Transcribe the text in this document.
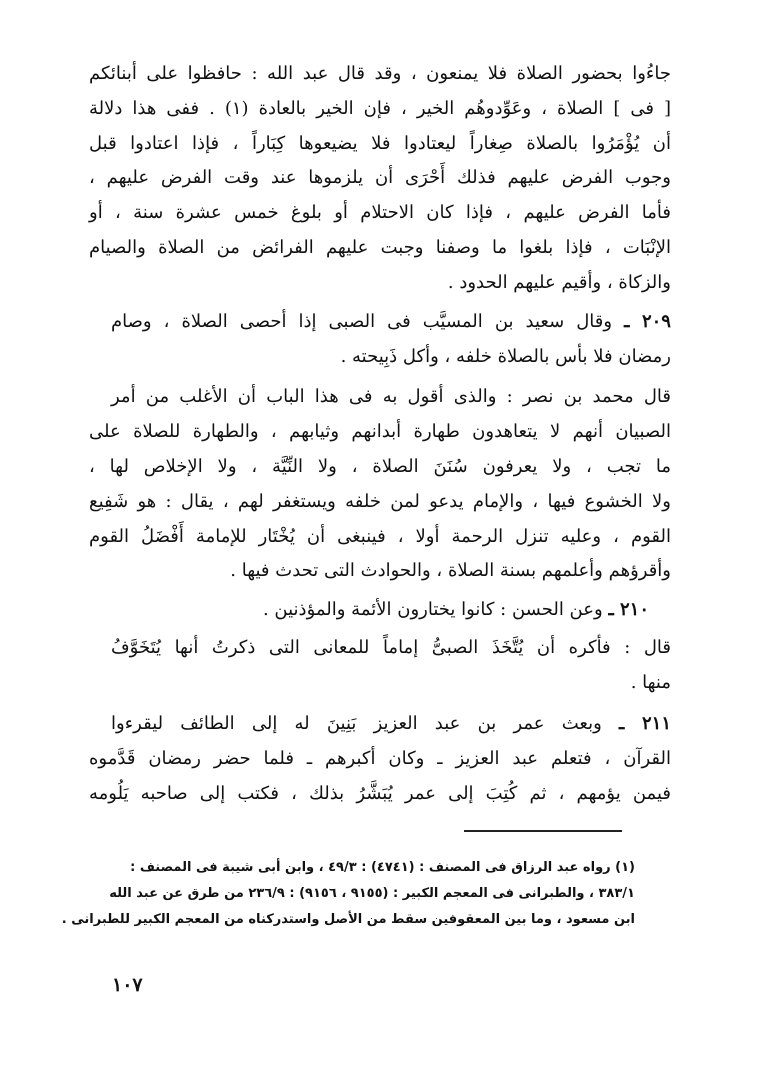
جاءُوا بحضور الصلاة فلا يمنعون ، وقد قال عبد الله : حافظوا على أبنائكم
[ فى ] الصلاة ، وعَوِّدوهُم الخير ، فإن الخير بالعادة (١) . ففى هذا دلالة
أن يُؤْمَرُوا بالصلاة صِغاراً ليعتادوا فلا يضيعوها كِبَاراً ، فإذا اعتادوا قبل
وجوب الفرض عليهم فذلك أَحْرَى أن يلزموها عند وقت الفرض عليهم ،
فأما الفرض عليهم ، فإذا كان الاحتلام أو بلوغ خمس عشرة سنة ، أو
الإنْبَات ، فإذا بلغوا ما وصفنا وجبت عليهم الفرائض من الصلاة والصيام
والزكاة ، وأقيم عليهم الحدود .
٢٠٩ ـ وقال سعيد بن المسيَّب فى الصبى إذا أحصى الصلاة ، وصام
رمضان فلا بأس بالصلاة خلفه ، وأكل ذَبِيحته .
قال محمد بن نصر : والذى أقول به فى هذا الباب أن الأغلب من أمر
الصبيان أنهم لا يتعاهدون طهارة أبدانهم وثيابهم ، والطهارة للصلاة على
ما تجب ، ولا يعرفون سُنَنَ الصلاة ، ولا النِّيَّة ، ولا الإخلاص لها ،
ولا الخشوع فيها ، والإمام يدعو لمن خلفه ويستغفر لهم ، يقال : هو شَفِيع
القوم ، وعليه تنزل الرحمة أولا ، فينبغى أن يُخْتَار للإمامة أَفْضَلُ القوم
وأقرؤهم وأعلمهم بسنة الصلاة ، والحوادث التى تحدث فيها .
٢١٠ ـ وعن الحسن : كانوا يختارون الأئمة والمؤذنين .
قال : فأكره أن يُتَّخَذَ الصبىُّ إماماً للمعانى التى ذكرتُ أنها يُتَخَوَّفُ
منها .
٢١١ ـ وبعث عمر بن عبد العزيز بَنِينَ له إلى الطائف ليقرءوا
القرآن ، فتعلم عبد العزيز ـ وكان أكبرهم ـ فلما حضر رمضان قَدَّموه
فيمن يؤمهم ، ثم كُتِبَ إلى عمر يُبَشَّرُ بذلك ، فكتب إلى صاحبه يَلُومه
(١) رواه عبد الرزاق فى المصنف : (٤٧٤١) : ٤٩/٣ ، وابن أبى شيبة فى المصنف :
٣٨٣/١ ، والطبرانى فى المعجم الكبير : (٩١٥٥ ، ٩١٥٦) : ٢٣٦/٩ من طرق عن عبد الله
ابن مسعود ، وما بين المعقوفين سقط من الأصل واستدركناه من المعجم الكبير للطبرانى .
١٠٧
